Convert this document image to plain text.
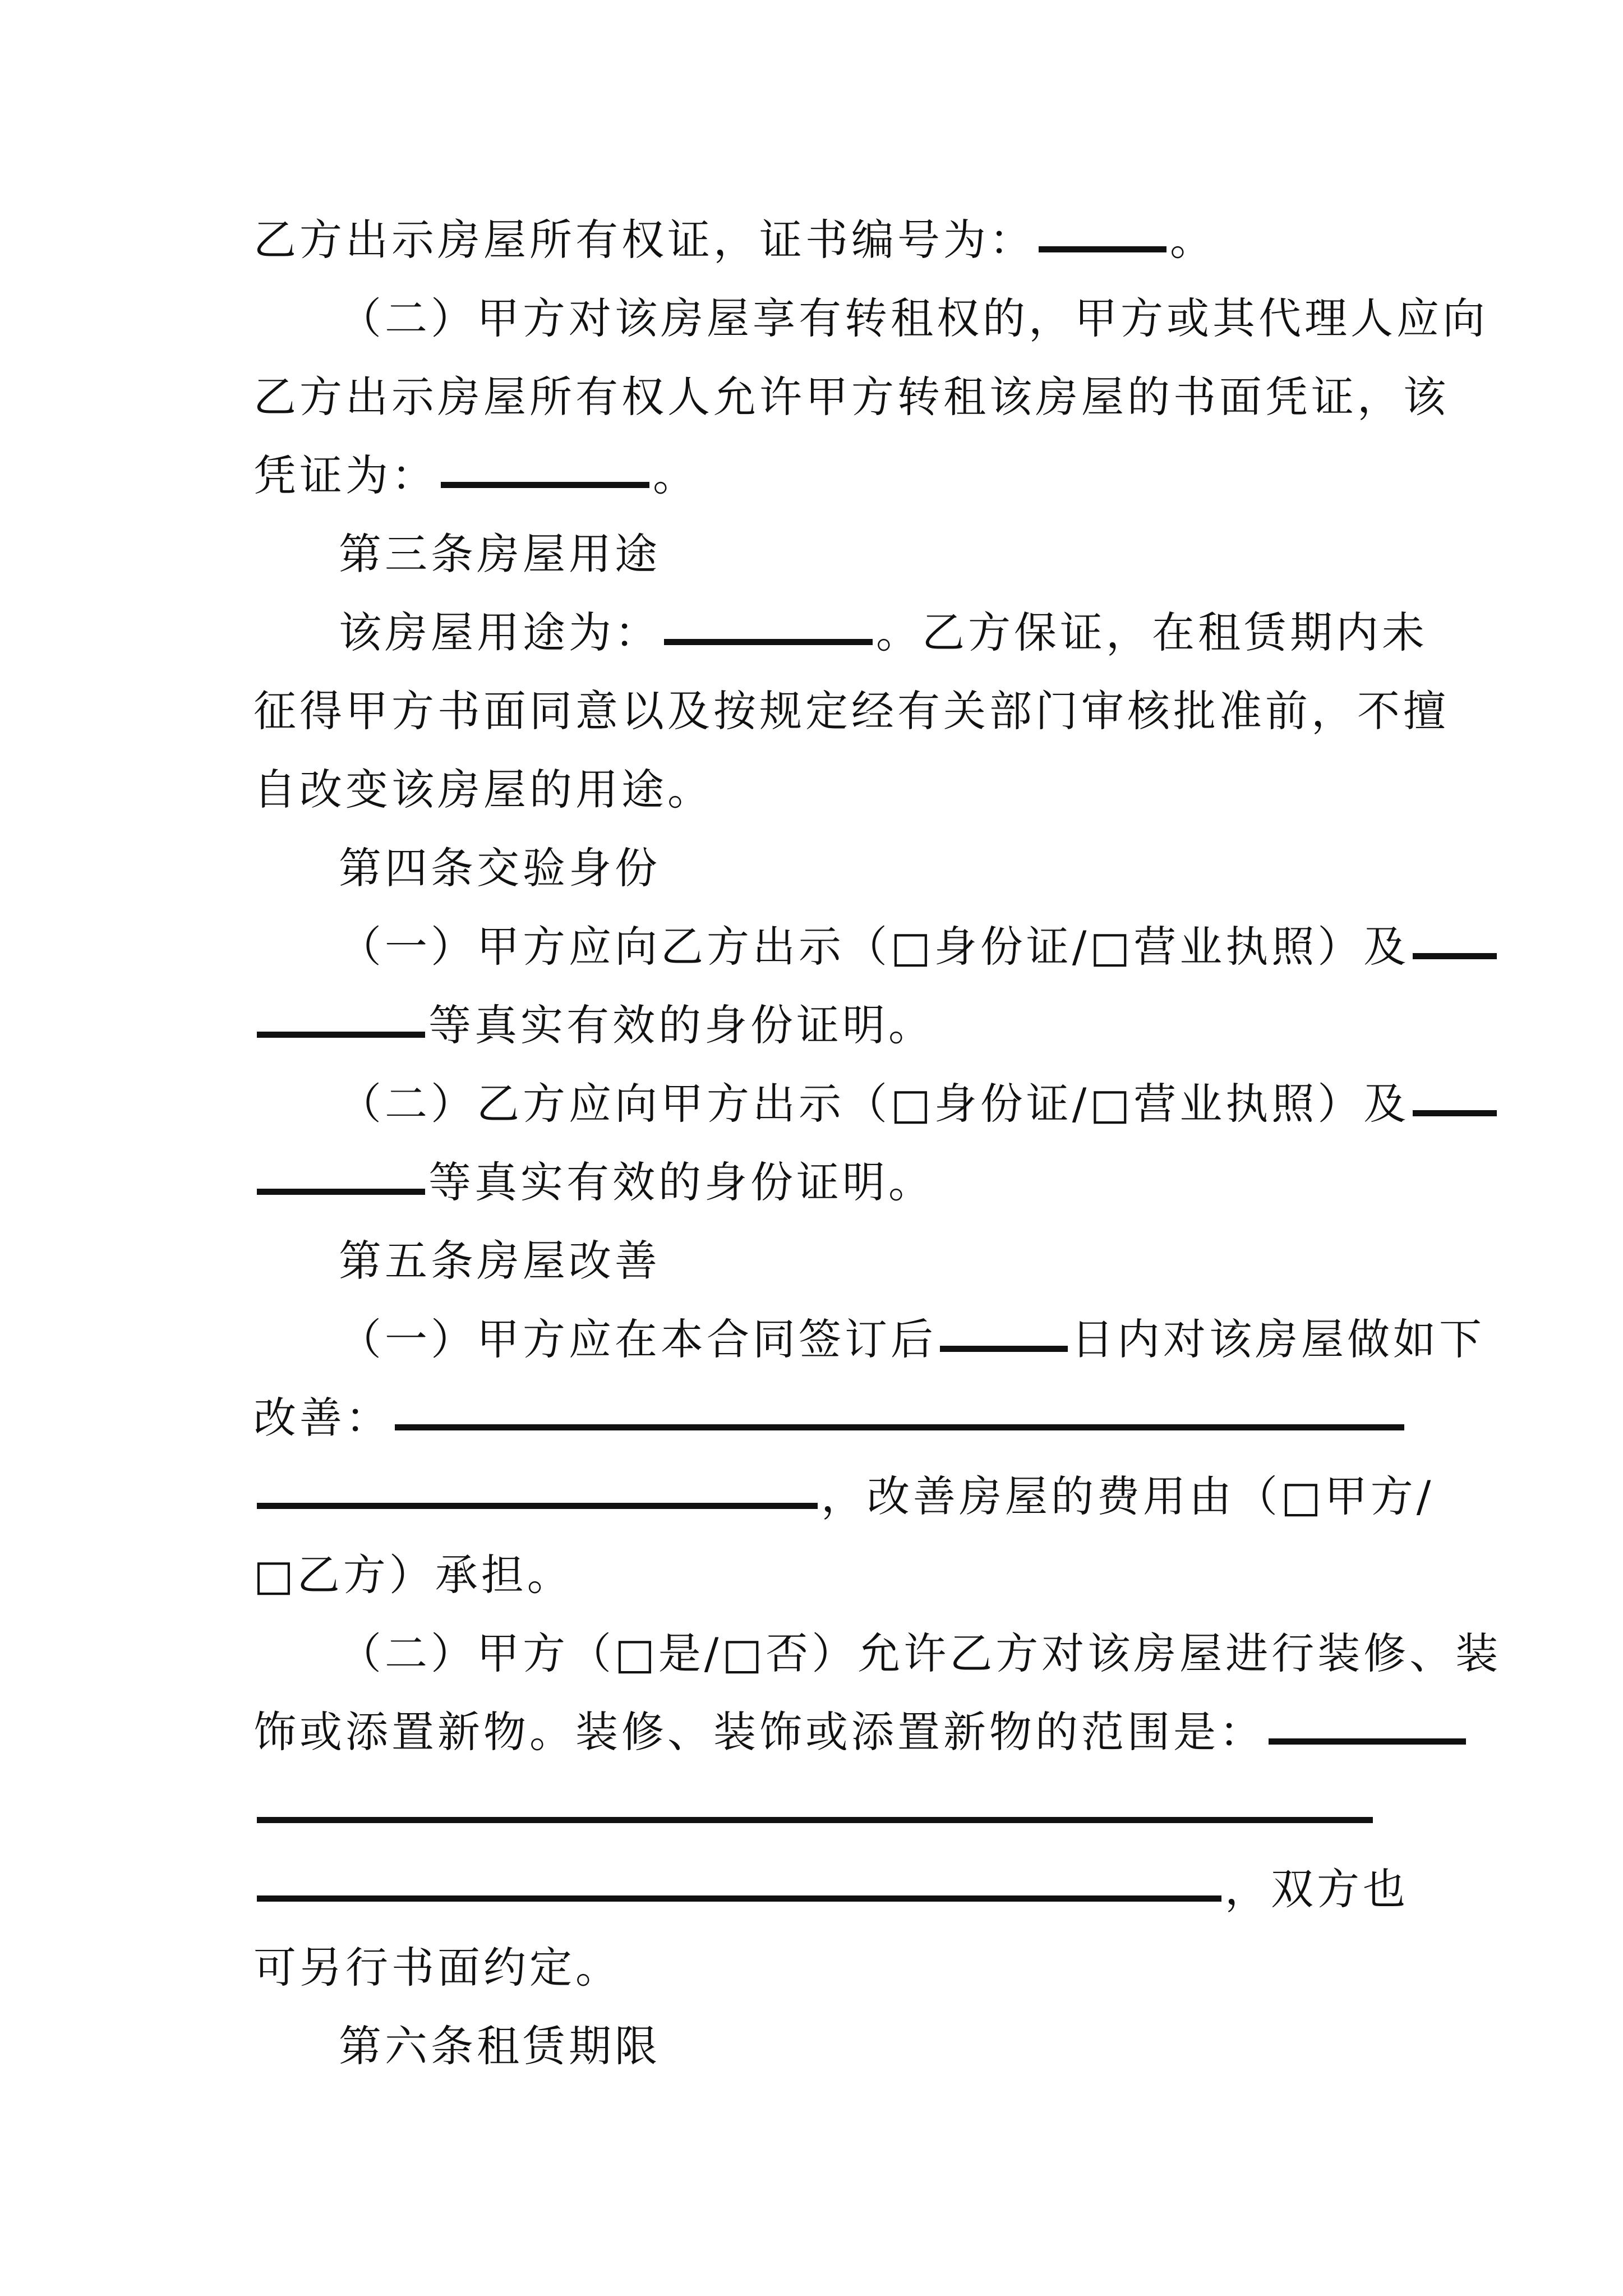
乙方出示房屋所有权证，证书编号为：	。
（二）甲方对该房屋享有转租权的，甲方或其代理人应向
乙方出示房屋所有权人允许甲方转租该房屋的书面凭证，该
凭证为：	。
第三条房屋用途
该房屋用途为：	。乙方保证，在租赁期内未
征得甲方书面同意以及按规定经有关部门审核批准前，不擅
自改变该房屋的用途。
第四条交验身份
（一）甲方应向乙方出示（□身份证/□营业执照）及
等真实有效的身份证明。
（二）乙方应向甲方出示（□身份证/□营业执照）及
等真实有效的身份证明。
第五条房屋改善
（一）甲方应在本合同签订后	日内对该房屋做如下
改善：
，改善房屋的费用由（□甲方/
□乙方）承担。
（二）甲方（□是/□否）允许乙方对该房屋进行装修、装
饰或添置新物。装修、装饰或添置新物的范围是：
，双方也
可另行书面约定。
第六条租赁期限
